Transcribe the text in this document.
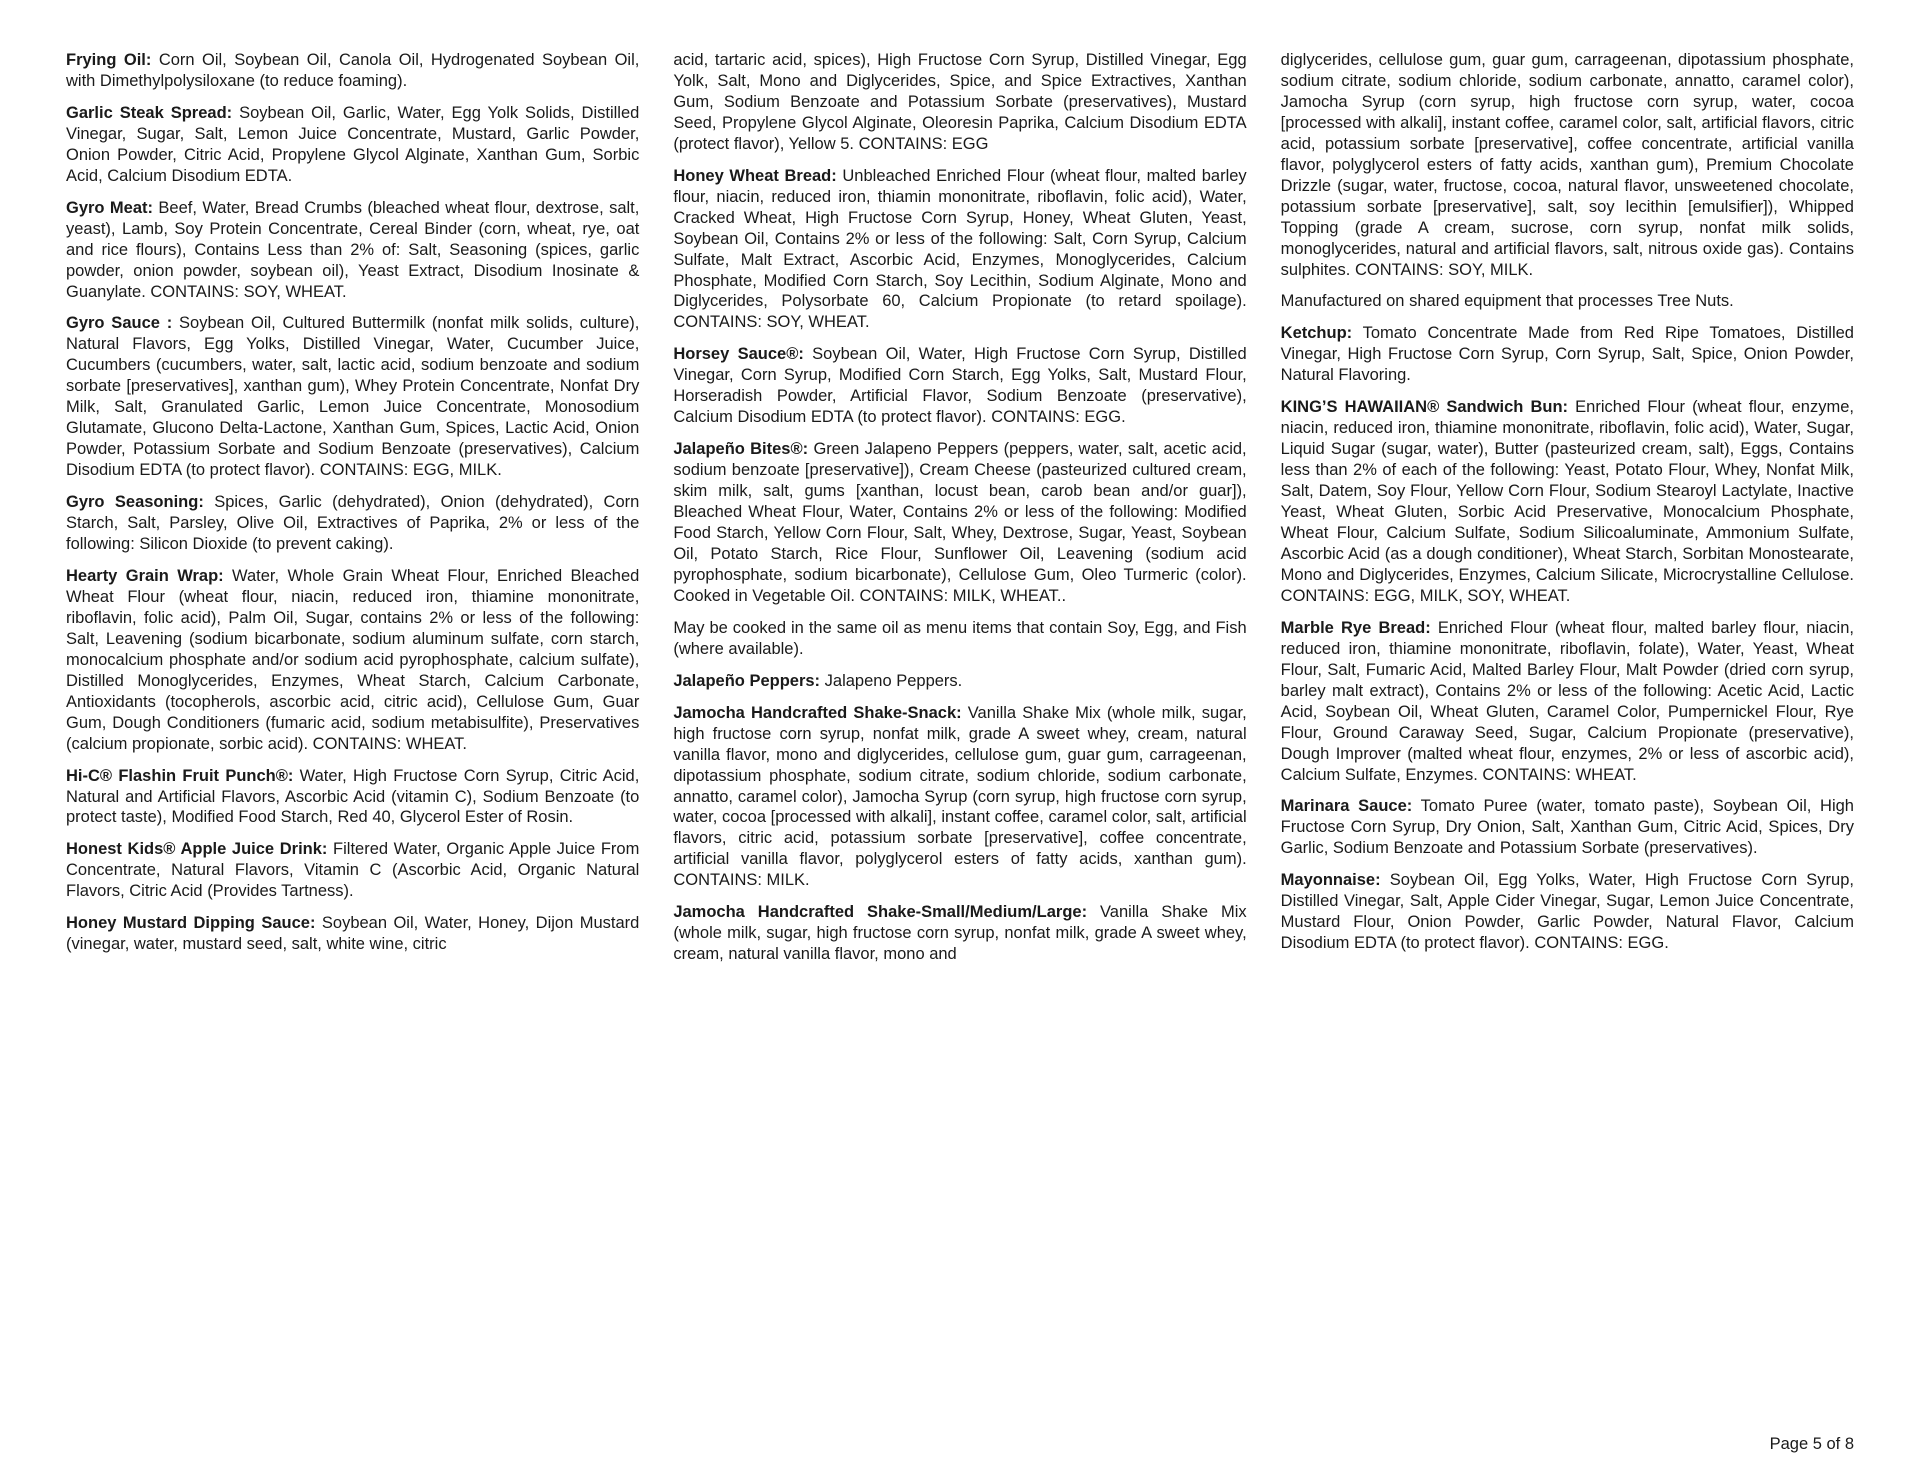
Frying Oil: Corn Oil, Soybean Oil, Canola Oil, Hydrogenated Soybean Oil, with Dimethylpolysiloxane (to reduce foaming).

Garlic Steak Spread: Soybean Oil, Garlic, Water, Egg Yolk Solids, Distilled Vinegar, Sugar, Salt, Lemon Juice Concentrate, Mustard, Garlic Powder, Onion Powder, Citric Acid, Propylene Glycol Alginate, Xanthan Gum, Sorbic Acid, Calcium Disodium EDTA.

Gyro Meat: Beef, Water, Bread Crumbs (bleached wheat flour, dextrose, salt, yeast), Lamb, Soy Protein Concentrate, Cereal Binder (corn, wheat, rye, oat and rice flours), Contains Less than 2% of: Salt, Seasoning (spices, garlic powder, onion powder, soybean oil), Yeast Extract, Disodium Inosinate & Guanylate. CONTAINS: SOY, WHEAT.

Gyro Sauce : Soybean Oil, Cultured Buttermilk (nonfat milk solids, culture), Natural Flavors, Egg Yolks, Distilled Vinegar, Water, Cucumber Juice, Cucumbers (cucumbers, water, salt, lactic acid, sodium benzoate and sodium sorbate [preservatives], xanthan gum), Whey Protein Concentrate, Nonfat Dry Milk, Salt, Granulated Garlic, Lemon Juice Concentrate, Monosodium Glutamate, Glucono Delta-Lactone, Xanthan Gum, Spices, Lactic Acid, Onion Powder, Potassium Sorbate and Sodium Benzoate (preservatives), Calcium Disodium EDTA (to protect flavor). CONTAINS: EGG, MILK.

Gyro Seasoning: Spices, Garlic (dehydrated), Onion (dehydrated), Corn Starch, Salt, Parsley, Olive Oil, Extractives of Paprika, 2% or less of the following: Silicon Dioxide (to prevent caking).

Hearty Grain Wrap: Water, Whole Grain Wheat Flour, Enriched Bleached Wheat Flour (wheat flour, niacin, reduced iron, thiamine mononitrate, riboflavin, folic acid), Palm Oil, Sugar, contains 2% or less of the following: Salt, Leavening (sodium bicarbonate, sodium aluminum sulfate, corn starch, monocalcium phosphate and/or sodium acid pyrophosphate, calcium sulfate), Distilled Monoglycerides, Enzymes, Wheat Starch, Calcium Carbonate, Antioxidants (tocopherols, ascorbic acid, citric acid), Cellulose Gum, Guar Gum, Dough Conditioners (fumaric acid, sodium metabisulfite), Preservatives (calcium propionate, sorbic acid). CONTAINS: WHEAT.

Hi-C® Flashin Fruit Punch®: Water, High Fructose Corn Syrup, Citric Acid, Natural and Artificial Flavors, Ascorbic Acid (vitamin C), Sodium Benzoate (to protect taste), Modified Food Starch, Red 40, Glycerol Ester of Rosin.

Honest Kids® Apple Juice Drink: Filtered Water, Organic Apple Juice From Concentrate, Natural Flavors, Vitamin C (Ascorbic Acid, Organic Natural Flavors, Citric Acid (Provides Tartness).

Honey Mustard Dipping Sauce: Soybean Oil, Water, Honey, Dijon Mustard (vinegar, water, mustard seed, salt, white wine, citric

acid, tartaric acid, spices), High Fructose Corn Syrup, Distilled Vinegar, Egg Yolk, Salt, Mono and Diglycerides, Spice, and Spice Extractives, Xanthan Gum, Sodium Benzoate and Potassium Sorbate (preservatives), Mustard Seed, Propylene Glycol Alginate, Oleoresin Paprika, Calcium Disodium EDTA (protect flavor), Yellow 5. CONTAINS: EGG

Honey Wheat Bread: Unbleached Enriched Flour (wheat flour, malted barley flour, niacin, reduced iron, thiamin mononitrate, riboflavin, folic acid), Water, Cracked Wheat, High Fructose Corn Syrup, Honey, Wheat Gluten, Yeast, Soybean Oil, Contains 2% or less of the following: Salt, Corn Syrup, Calcium Sulfate, Malt Extract, Ascorbic Acid, Enzymes, Monoglycerides, Calcium Phosphate, Modified Corn Starch, Soy Lecithin, Sodium Alginate, Mono and Diglycerides, Polysorbate 60, Calcium Propionate (to retard spoilage). CONTAINS: SOY, WHEAT.

Horsey Sauce®: Soybean Oil, Water, High Fructose Corn Syrup, Distilled Vinegar, Corn Syrup, Modified Corn Starch, Egg Yolks, Salt, Mustard Flour, Horseradish Powder, Artificial Flavor, Sodium Benzoate (preservative), Calcium Disodium EDTA (to protect flavor). CONTAINS: EGG.

Jalapeño Bites®: Green Jalapeno Peppers (peppers, water, salt, acetic acid, sodium benzoate [preservative]), Cream Cheese (pasteurized cultured cream, skim milk, salt, gums [xanthan, locust bean, carob bean and/or guar]), Bleached Wheat Flour, Water, Contains 2% or less of the following: Modified Food Starch, Yellow Corn Flour, Salt, Whey, Dextrose, Sugar, Yeast, Soybean Oil, Potato Starch, Rice Flour, Sunflower Oil, Leavening (sodium acid pyrophosphate, sodium bicarbonate), Cellulose Gum, Oleo Turmeric (color). Cooked in Vegetable Oil. CONTAINS: MILK, WHEAT..

May be cooked in the same oil as menu items that contain Soy, Egg, and Fish (where available).

Jalapeño Peppers: Jalapeno Peppers.

Jamocha Handcrafted Shake-Snack: Vanilla Shake Mix (whole milk, sugar, high fructose corn syrup, nonfat milk, grade A sweet whey, cream, natural vanilla flavor, mono and diglycerides, cellulose gum, guar gum, carrageenan, dipotassium phosphate, sodium citrate, sodium chloride, sodium carbonate, annatto, caramel color), Jamocha Syrup (corn syrup, high fructose corn syrup, water, cocoa [processed with alkali], instant coffee, caramel color, salt, artificial flavors, citric acid, potassium sorbate [preservative], coffee concentrate, artificial vanilla flavor, polyglycerol esters of fatty acids, xanthan gum). CONTAINS: MILK.

Jamocha Handcrafted Shake-Small/Medium/Large: Vanilla Shake Mix (whole milk, sugar, high fructose corn syrup, nonfat milk, grade A sweet whey, cream, natural vanilla flavor, mono and

diglycerides, cellulose gum, guar gum, carrageenan, dipotassium phosphate, sodium citrate, sodium chloride, sodium carbonate, annatto, caramel color), Jamocha Syrup (corn syrup, high fructose corn syrup, water, cocoa [processed with alkali], instant coffee, caramel color, salt, artificial flavors, citric acid, potassium sorbate [preservative], coffee concentrate, artificial vanilla flavor, polyglycerol esters of fatty acids, xanthan gum), Premium Chocolate Drizzle (sugar, water, fructose, cocoa, natural flavor, unsweetened chocolate, potassium sorbate [preservative], salt, soy lecithin [emulsifier]), Whipped Topping (grade A cream, sucrose, corn syrup, nonfat milk solids, monoglycerides, natural and artificial flavors, salt, nitrous oxide gas). Contains sulphites. CONTAINS: SOY, MILK.

Manufactured on shared equipment that processes Tree Nuts.

Ketchup: Tomato Concentrate Made from Red Ripe Tomatoes, Distilled Vinegar, High Fructose Corn Syrup, Corn Syrup, Salt, Spice, Onion Powder, Natural Flavoring.

KING’S HAWAIIAN® Sandwich Bun: Enriched Flour (wheat flour, enzyme, niacin, reduced iron, thiamine mononitrate, riboflavin, folic acid), Water, Sugar, Liquid Sugar (sugar, water), Butter (pasteurized cream, salt), Eggs, Contains less than 2% of each of the following: Yeast, Potato Flour, Whey, Nonfat Milk, Salt, Datem, Soy Flour, Yellow Corn Flour, Sodium Stearoyl Lactylate, Inactive Yeast, Wheat Gluten, Sorbic Acid Preservative, Monocalcium Phosphate, Wheat Flour, Calcium Sulfate, Sodium Silicoaluminate, Ammonium Sulfate, Ascorbic Acid (as a dough conditioner), Wheat Starch, Sorbitan Monostearate, Mono and Diglycerides, Enzymes, Calcium Silicate, Microcrystalline Cellulose. CONTAINS: EGG, MILK, SOY, WHEAT.

Marble Rye Bread: Enriched Flour (wheat flour, malted barley flour, niacin, reduced iron, thiamine mononitrate, riboflavin, folate), Water, Yeast, Wheat Flour, Salt, Fumaric Acid, Malted Barley Flour, Malt Powder (dried corn syrup, barley malt extract), Contains 2% or less of the following: Acetic Acid, Lactic Acid, Soybean Oil, Wheat Gluten, Caramel Color, Pumpernickel Flour, Rye Flour, Ground Caraway Seed, Sugar, Calcium Propionate (preservative), Dough Improver (malted wheat flour, enzymes, 2% or less of ascorbic acid), Calcium Sulfate, Enzymes. CONTAINS: WHEAT.

Marinara Sauce: Tomato Puree (water, tomato paste), Soybean Oil, High Fructose Corn Syrup, Dry Onion, Salt, Xanthan Gum, Citric Acid, Spices, Dry Garlic, Sodium Benzoate and Potassium Sorbate (preservatives).

Mayonnaise: Soybean Oil, Egg Yolks, Water, High Fructose Corn Syrup, Distilled Vinegar, Salt, Apple Cider Vinegar, Sugar, Lemon Juice Concentrate, Mustard Flour, Onion Powder, Garlic Powder, Natural Flavor, Calcium Disodium EDTA (to protect flavor). CONTAINS: EGG.

Page 5 of 8
